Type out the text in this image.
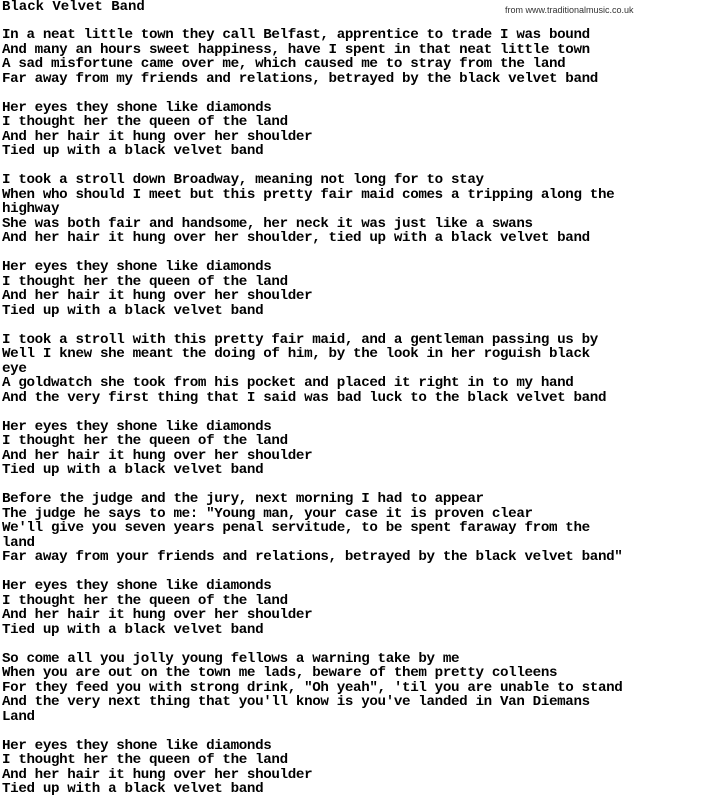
Black Velvet Band	from www.traditionalmusic.co.uk
In a neat little town they call Belfast, apprentice to trade I was bound
And many an hours sweet happiness, have I spent in that neat little town
A sad misfortune came over me, which caused me to stray from the land
Far away from my friends and relations, betrayed by the black velvet band
Her eyes they shone like diamonds
I thought her the queen of the land
And her hair it hung over her shoulder
Tied up with a black velvet band
I took a stroll down Broadway, meaning not long for to stay
When who should I meet but this pretty fair maid comes a tripping along the
highway
She was both fair and handsome, her neck it was just like a swans
And her hair it hung over her shoulder, tied up with a black velvet band
Her eyes they shone like diamonds
I thought her the queen of the land
And her hair it hung over her shoulder
Tied up with a black velvet band
I took a stroll with this pretty fair maid, and a gentleman passing us by
Well I knew she meant the doing of him, by the look in her roguish black
eye
A goldwatch she took from his pocket and placed it right in to my hand
And the very first thing that I said was bad luck to the black velvet band
Her eyes they shone like diamonds
I thought her the queen of the land
And her hair it hung over her shoulder
Tied up with a black velvet band
Before the judge and the jury, next morning I had to appear
The judge he says to me: "Young man, your case it is proven clear
We'll give you seven years penal servitude, to be spent faraway from the
land
Far away from your friends and relations, betrayed by the black velvet band"
Her eyes they shone like diamonds
I thought her the queen of the land
And her hair it hung over her shoulder
Tied up with a black velvet band
So come all you jolly young fellows a warning take by me
When you are out on the town me lads, beware of them pretty colleens
For they feed you with strong drink, "Oh yeah", 'til you are unable to stand
And the very next thing that you'll know is you've landed in Van Diemans
Land
Her eyes they shone like diamonds
I thought her the queen of the land
And her hair it hung over her shoulder
Tied up with a black velvet band
